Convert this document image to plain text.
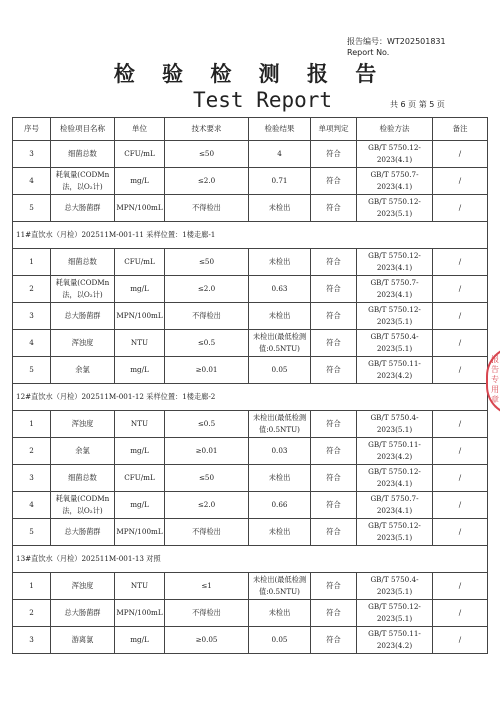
报告编号：WT202501831
Report No.
检 验 检 测 报 告
Test Report	共 6 页 第 5 页
序号	检验项目名称	单位	技术要求	检验结果	单项判定	检验方法	备注
3	细菌总数	CFU/mL	≤50	4	符合	GB/T 5750.12-2023(4.1)	/
4	耗氧量(CODMn法，以O₂计)	mg/L	≤2.0	0.71	符合	GB/T 5750.7-2023(4.1)	/
5	总大肠菌群	MPN/100mL	不得检出	未检出	符合	GB/T 5750.12-2023(5.1)	/
11#直饮水（月检）202511M-001-11 采样位置：1楼走廊-1							
1	细菌总数	CFU/mL	≤50	未检出	符合	GB/T 5750.12-2023(4.1)	/
2	耗氧量(CODMn法，以O₂计)	mg/L	≤2.0	0.63	符合	GB/T 5750.7-2023(4.1)	/
3	总大肠菌群	MPN/100mL	不得检出	未检出	符合	GB/T 5750.12-2023(5.1)	/
4	浑浊度	NTU	≤0.5	未检出(最低检测值:0.5NTU)	符合	GB/T 5750.4-2023(5.1)	/
5	余氯	mg/L	≥0.01	0.05	符合	GB/T 5750.11-2023(4.2)	/
12#直饮水（月检）202511M-001-12 采样位置：1楼走廊-2							
1	浑浊度	NTU	≤0.5	未检出(最低检测值:0.5NTU)	符合	GB/T 5750.4-2023(5.1)	/
2	余氯	mg/L	≥0.01	0.03	符合	GB/T 5750.11-2023(4.2)	/
3	细菌总数	CFU/mL	≤50	未检出	符合	GB/T 5750.12-2023(4.1)	/
4	耗氧量(CODMn法，以O₂计)	mg/L	≤2.0	0.66	符合	GB/T 5750.7-2023(4.1)	/
5	总大肠菌群	MPN/100mL	不得检出	未检出	符合	GB/T 5750.12-2023(5.1)	/
13#直饮水（月检）202511M-001-13 对照							
1	浑浊度	NTU	≤1	未检出(最低检测值:0.5NTU)	符合	GB/T 5750.4-2023(5.1)	/
2	总大肠菌群	MPN/100mL	不得检出	未检出	符合	GB/T 5750.12-2023(5.1)	/
3	游离氯	mg/L	≥0.05	0.05	符合	GB/T 5750.11-2023(4.2)	/
报告专用章
